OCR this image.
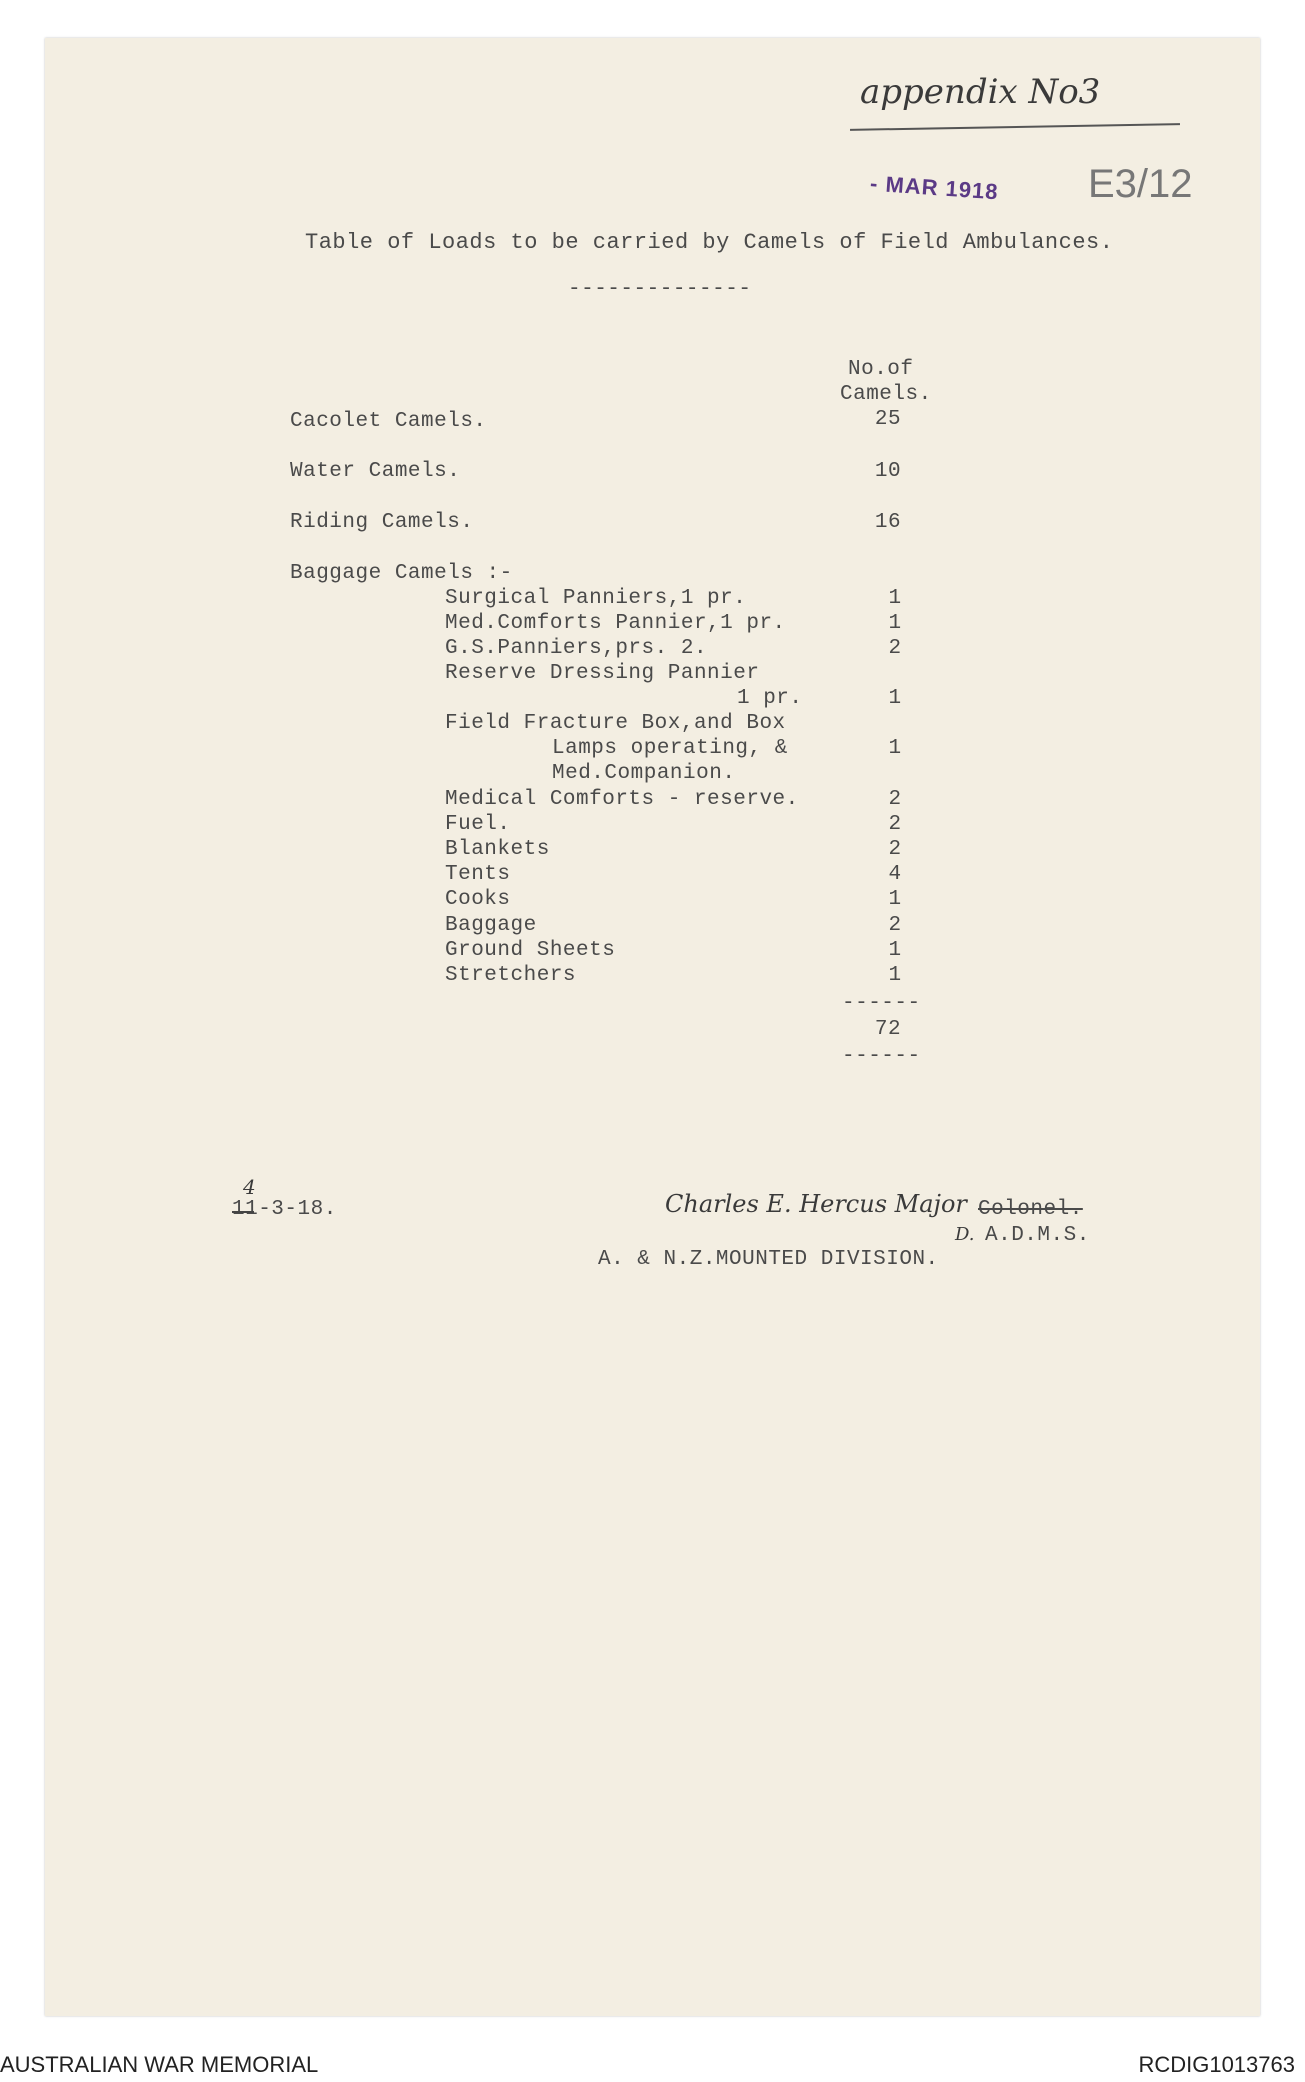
appendix No3
- MAR 1918 E3/12
Table of Loads to be carried by Camels of Field Ambulances.
--------------
No.of
Camels.
Cacolet Camels.	25
Water Camels.	10
Riding Camels.	16
Baggage Camels :-
Surgical Panniers,1 pr.	1
Med.Comforts Pannier,1 pr.	1
G.S.Panniers,prs. 2.	2
Reserve Dressing Pannier
1 pr.	1
Field Fracture Box,and Box
Lamps operating, &	1
Med.Companion.
Medical Comforts - reserve.	2
Fuel.	2
Blankets	2
Tents	4
Cooks	1
Baggage	2
Ground Sheets	1
Stretchers	1
------
72
------
4
11-3-18.	Charles E. Hercus Major Colonel.
D. A.D.M.S.
A. & N.Z.MOUNTED DIVISION.
AUSTRALIAN WAR MEMORIAL	RCDIG1013763
